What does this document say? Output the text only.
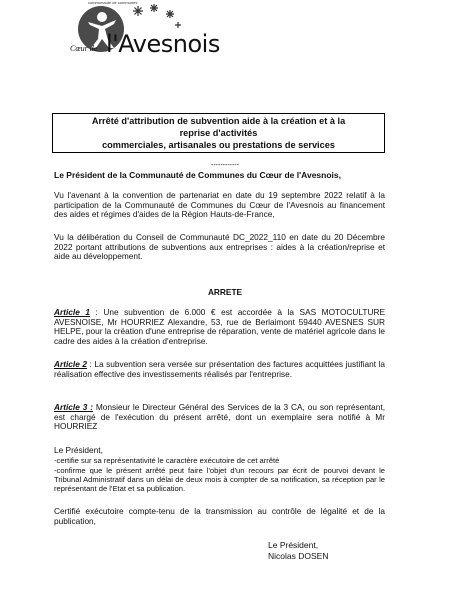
communauté de communes
Cœur de l'Avesnois
Arrêté d'attribution de subvention aide à la création et à la
reprise d'activités
commerciales, artisanales ou prestations de services
------------

Le Président de la Communauté de Communes du Cœur de l'Avesnois,

Vu l'avenant à la convention de partenariat en date du 19 septembre 2022 relatif à la participation de la Communauté de Communes du Cœur de l'Avesnois au financement des aides et régimes d'aides de la Région Hauts-de-France,

Vu la délibération du Conseil de Communauté DC_2022_110 en date du 20 Décembre 2022 portant attributions de subventions aux entreprises : aides à la création/reprise et aide au développement.

ARRETE

Article 1 : Une subvention de 6.000 € est accordée à la SAS MOTOCULTURE AVESNOISE, Mr HOURRIEZ Alexandre, 53, rue de Berlaimont 59440 AVESNES SUR HELPE, pour la création d'une entreprise de réparation, vente de matériel agricole dans le cadre des aides à la création d'entreprise.

Article 2 : La subvention sera versée sur présentation des factures acquittées justifiant la réalisation effective des investissements réalisés par l'entreprise.

Article 3 : Monsieur le Directeur Général des Services de la 3 CA, ou son représentant, est chargé de l'exécution du présent arrêté, dont un exemplaire sera notifié à Mr HOURRIEZ

Le Président,

-certifie sur sa représentativité le caractère exécutoire de cet arrêté

-confirme que le présent arrêté peut faire l'objet d'un recours par écrit de pourvoi devant le Tribunal Administratif dans un délai de deux mois à compter de sa notification, sa réception par le représentant de l'Etat et sa publication.

Certifié exécutoire compte-tenu de la transmission au contrôle de légalité et de la publication,

Le Président,
Nicolas DOSEN
